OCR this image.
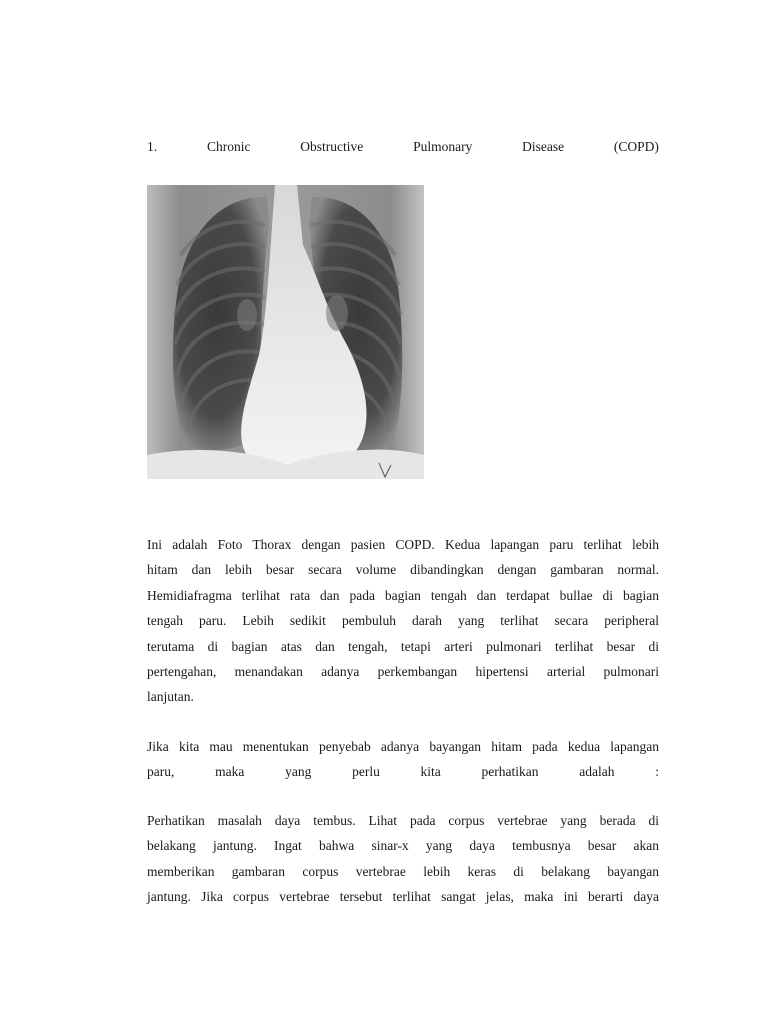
1.	Chronic	Obstructive	Pulmonary	Disease	(COPD)
Ini adalah Foto Thorax dengan pasien COPD. Kedua lapangan paru terlihat lebih
hitam dan lebih besar secara volume dibandingkan dengan gambaran normal.
Hemidiafragma terlihat rata dan pada bagian tengah dan terdapat bullae di bagian
tengah paru. Lebih sedikit pembuluh darah yang terlihat secara peripheral
terutama di bagian atas dan tengah, tetapi arteri pulmonari terlihat besar di
pertengahan, menandakan adanya perkembangan hipertensi arterial pulmonari
lanjutan.
Jika kita mau menentukan penyebab adanya bayangan hitam pada kedua lapangan
paru, maka yang perlu kita perhatikan adalah :
Perhatikan masalah daya tembus. Lihat pada corpus vertebrae yang berada di
belakang jantung. Ingat bahwa sinar-x yang daya tembusnya besar akan
memberikan gambaran corpus vertebrae lebih keras di belakang bayangan
jantung. Jika corpus vertebrae tersebut terlihat sangat jelas, maka ini berarti daya
